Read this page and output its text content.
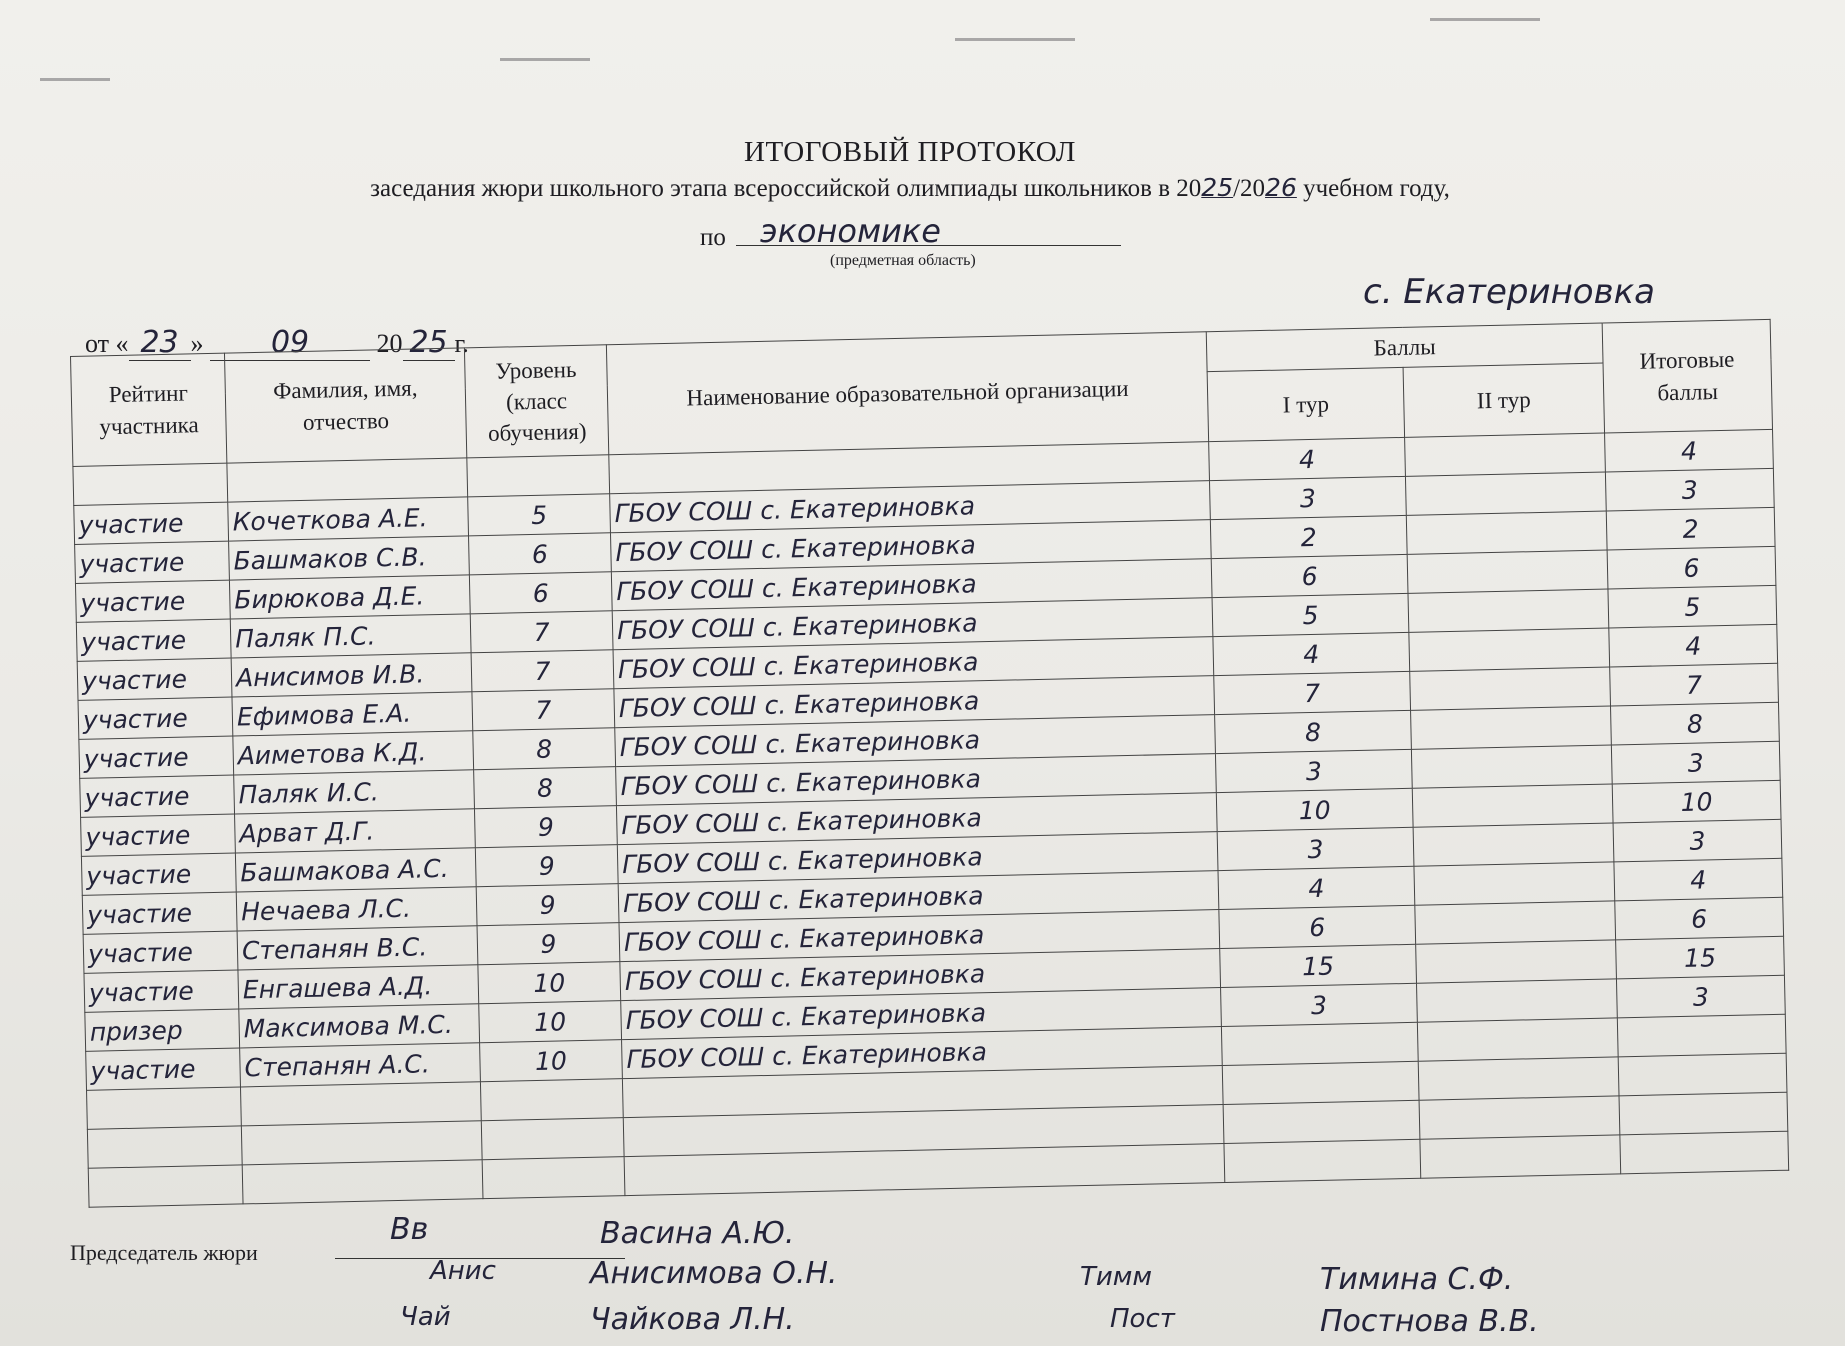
ИТОГОВЫЙ ПРОТОКОЛ
заседания жюри школьного этапа всероссийской олимпиады школьников в 2025/2026 учебном году,
по	экономике
(предметная область)
с. Екатериновка
от « 23 » 09	20 25 г.
Рейтинг участника	Фамилия, имя, отчество	Уровень (класс обучения)	Наименование образовательной организации	Баллы		Итоговые баллы
				I тур	II тур	
				4		4
участие	Кочеткова А.Е.	5	ГБОУ СОШ с. Екатериновка	3		3
участие	Башмаков С.В.	6	ГБОУ СОШ с. Екатериновка	2		2
участие	Бирюкова Д.Е.	6	ГБОУ СОШ с. Екатериновка	6		6
участие	Паляк П.С.	7	ГБОУ СОШ с. Екатериновка	5		5
участие	Анисимов И.В.	7	ГБОУ СОШ с. Екатериновка	4		4
участие	Ефимова Е.А.	7	ГБОУ СОШ с. Екатериновка	7		7
участие	Аиметова К.Д.	8	ГБОУ СОШ с. Екатериновка	8		8
участие	Паляк И.С.	8	ГБОУ СОШ с. Екатериновка	3		3
участие	Арват Д.Г.	9	ГБОУ СОШ с. Екатериновка	10		10
участие	Башмакова А.С.	9	ГБОУ СОШ с. Екатериновка	3		3
участие	Нечаева Л.С.	9	ГБОУ СОШ с. Екатериновка	4		4
участие	Степанян В.С.	9	ГБОУ СОШ с. Екатериновка	6		6
участие	Енгашева А.Д.	10	ГБОУ СОШ с. Екатериновка	15		15
призер	Максимова М.С.	10	ГБОУ СОШ с. Екатериновка	3		3
участие	Степанян А.С.	10	ГБОУ СОШ с. Екатериновка			

Председатель жюри
Вв	Васина А.Ю.
Анис	Анисимова О.Н.
Чай	Чайкова Л.Н.
Тимм	Тимина С.Ф.
Пост	Постнова В.В.
